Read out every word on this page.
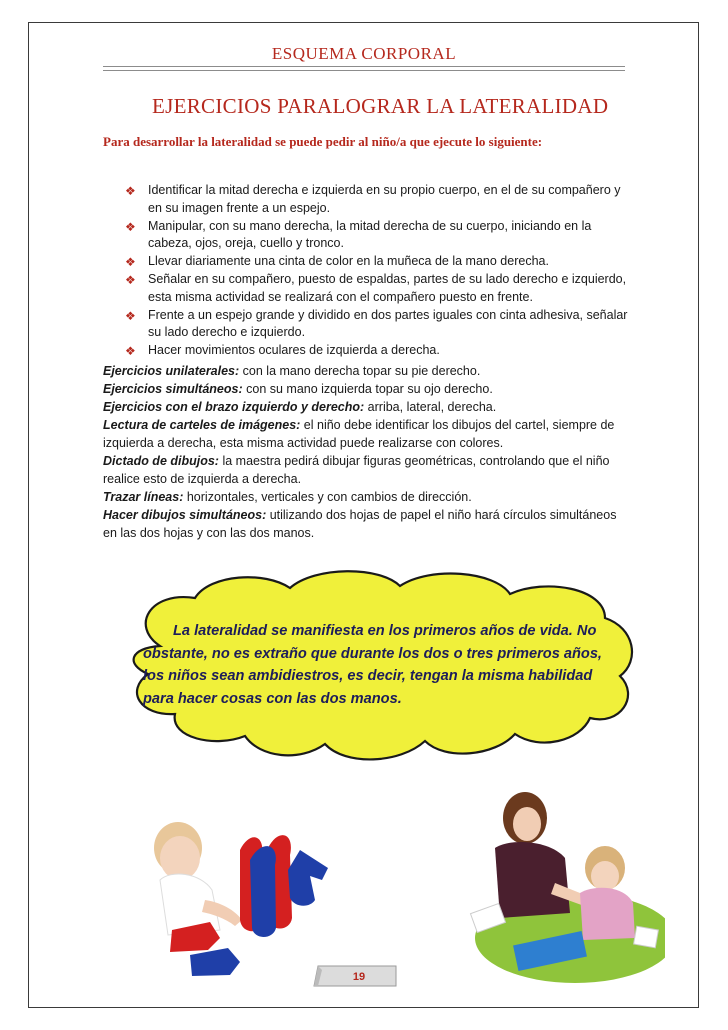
ESQUEMA CORPORAL
EJERCICIOS PARALOGRAR LA LATERALIDAD
Para desarrollar la lateralidad se puede pedir al niño/a que ejecute lo siguiente:
❖ Identificar la mitad derecha e izquierda en su propio cuerpo, en el de su compañero y en su imagen frente a un espejo.
❖ Manipular, con su mano derecha, la mitad derecha de su cuerpo, iniciando en la cabeza, ojos, oreja, cuello y tronco.
❖ Llevar diariamente una cinta de color en la muñeca de la mano derecha.
❖ Señalar en su compañero, puesto de espaldas, partes de su lado derecho e izquierdo, esta misma actividad se realizará con el compañero puesto en frente.
❖ Frente a un espejo grande y dividido en dos partes iguales con cinta adhesiva, señalar su lado derecho e izquierdo.
❖ Hacer movimientos oculares de izquierda a derecha.

Ejercicios unilaterales: con la mano derecha topar su pie derecho.

Ejercicios simultáneos: con su mano izquierda topar su ojo derecho.

Ejercicios con el brazo izquierdo y derecho: arriba, lateral, derecha.

Lectura de carteles de imágenes: el niño debe identificar los dibujos del cartel, siempre de izquierda a derecha, esta misma actividad puede realizarse con colores.

Dictado de dibujos: la maestra pedirá dibujar figuras geométricas, controlando que el niño realice esto de izquierda a derecha.

Trazar líneas: horizontales, verticales y con cambios de dirección.

Hacer dibujos simultáneos: utilizando dos hojas de papel el niño hará círculos simultáneos en las dos hojas y con las dos manos.

La lateralidad se manifiesta en los primeros años de vida. No
obstante, no es extraño que durante los dos o tres primeros años, los niños sean ambidiestros, es decir, tengan la misma habilidad para hacer cosas con las dos manos.
19
